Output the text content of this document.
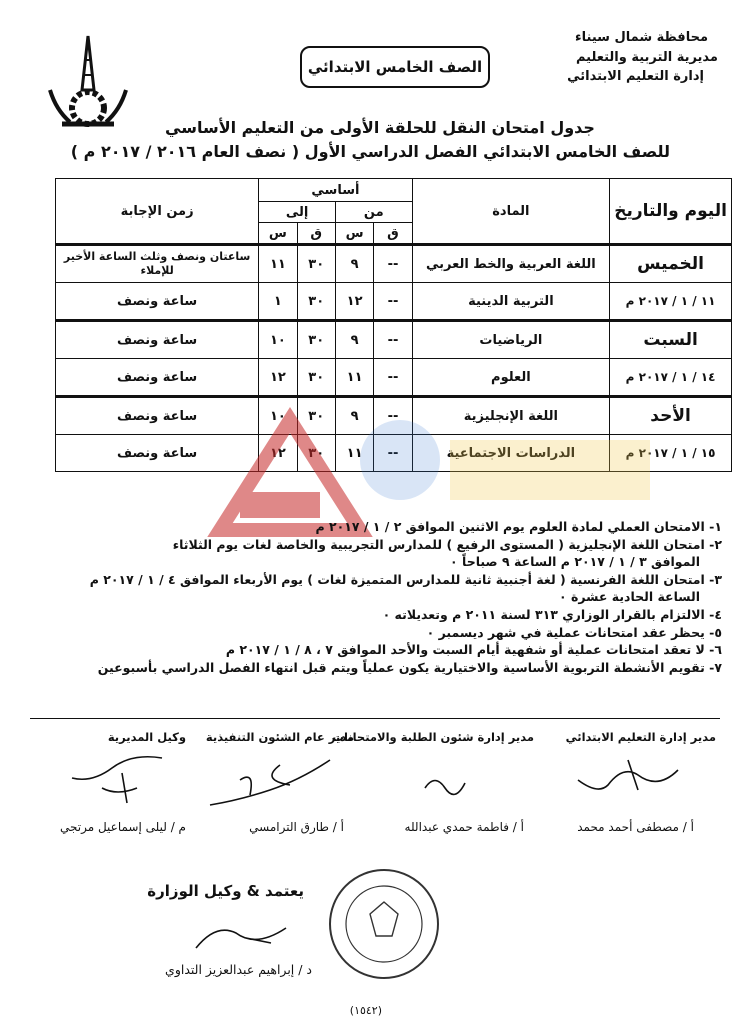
محافظة شمال سيناء
مديرية التربية والتعليم
إدارة التعليم الابتدائي
الصف الخامس الابتدائي
جدول امتحان النقل للحلقة الأولى من التعليم الأساسي
للصف الخامس الابتدائي الفصل الدراسي الأول ( نصف العام ٢٠١٦ / ٢٠١٧ م )
اليوم والتاريخ	المادة	أساسي				زمن الإجابة
		من		إلى		
		ق	س	ق	س	
الخميس	اللغة العربية والخط العربي	--	٩	٣٠	١١	ساعتان ونصف وثلث الساعة الأخير للإملاء
١١ / ١ / ٢٠١٧ م	التربية الدينية	--	١٢	٣٠	١	ساعة ونصف
السبت	الرياضيات	--	٩	٣٠	١٠	ساعة ونصف
١٤ / ١ / ٢٠١٧ م	العلوم	--	١١	٣٠	١٢	ساعة ونصف
الأحد	اللغة الإنجليزية	--	٩	٣٠	١٠	ساعة ونصف
١٥ / ١ / ٢٠١٧ م	الدراسات الاجتماعية	--	١١	٣٠	١٢	ساعة ونصف
١- الامتحان العملي لمادة العلوم يوم الاثنين الموافق ٢ / ١ / ٢٠١٧ م
٢- امتحان اللغة الإنجليزية ( المستوى الرفيع ) للمدارس التجريبية والخاصة لغات يوم الثلاثاء
الموافق ٣ / ١ / ٢٠١٧ م الساعة ٩ صباحاً ٠
٣- امتحان اللغة الفرنسية ( لغة أجنبية ثانية للمدارس المتميزة لغات ) يوم الأربعاء الموافق ٤ / ١ / ٢٠١٧ م
الساعة الحادية عشرة ٠
٤- الالتزام بالقرار الوزاري ٣١٣ لسنة ٢٠١١ م وتعديلاته ٠
٥- يحظر عقد امتحانات عملية في شهر ديسمبر ٠
٦- لا تعقد امتحانات عملية أو شفهية أيام السبت والأحد الموافق ٧ ، ٨ / ١ / ٢٠١٧ م
٧- تقويم الأنشطة التربوية الأساسية والاختيارية يكون عملياً ويتم قبل انتهاء الفصل الدراسي بأسبوعين
مدير إدارة التعليم الابتدائي
مدير إدارة شئون الطلبة والامتحانات
مدير عام الشئون التنفيذية
وكيل المديرية
أ / مصطفى أحمد محمد
أ / فاطمة حمدي عبدالله
أ / طارق الترامسي
م / ليلى إسماعيل مرتجي
يعتمد & وكيل الوزارة
د / إبراهيم عبدالعزيز التداوي
(١٥٤٢)
